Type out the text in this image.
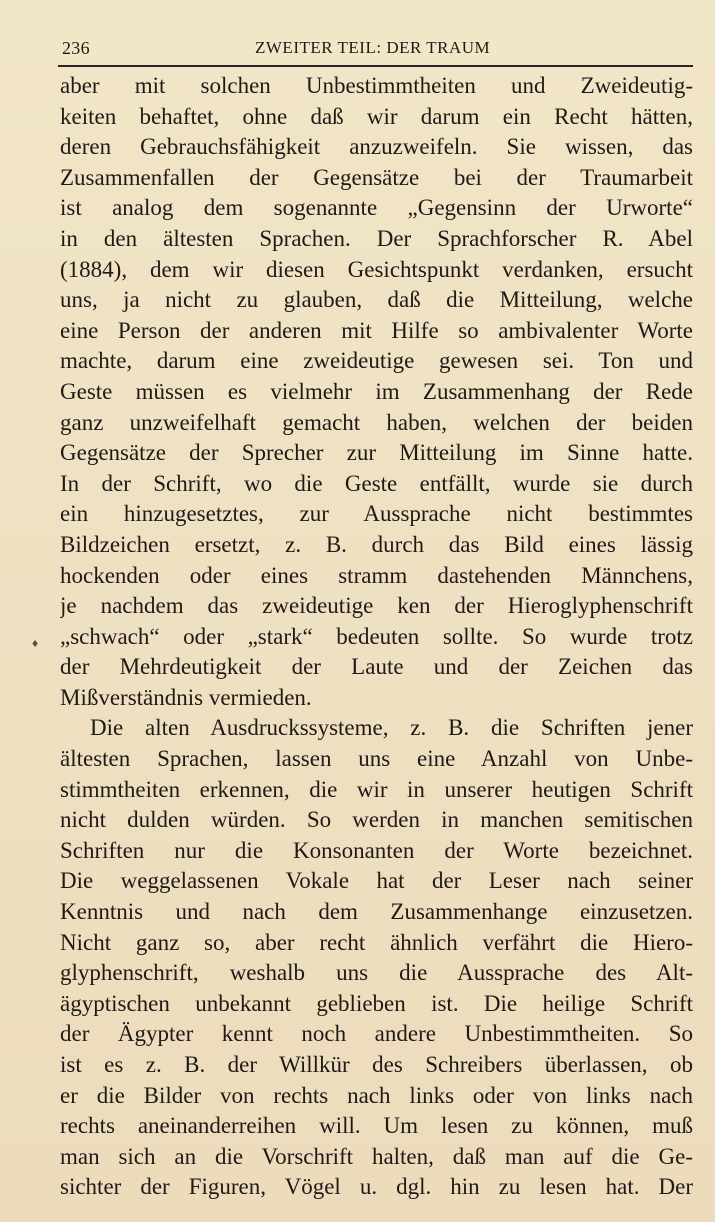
236	ZWEITER TEIL: DER TRAUM
♦
aber mit solchen Unbestimmtheiten und Zweideutig-
keiten behaftet, ohne daß wir darum ein Recht hätten,
deren Gebrauchsfähigkeit anzuzweifeln. Sie wissen, das
Zusammenfallen der Gegensätze bei der Traumarbeit
ist analog dem sogenannte „Gegensinn der Urworte“
in den ältesten Sprachen. Der Sprachforscher R. Abel
(1884), dem wir diesen Gesichtspunkt verdanken, ersucht
uns, ja nicht zu glauben, daß die Mitteilung, welche
eine Person der anderen mit Hilfe so ambivalenter Worte
machte, darum eine zweideutige gewesen sei. Ton und
Geste müssen es vielmehr im Zusammenhang der Rede
ganz unzweifelhaft gemacht haben, welchen der beiden
Gegensätze der Sprecher zur Mitteilung im Sinne hatte.
In der Schrift, wo die Geste entfällt, wurde sie durch
ein hinzugesetztes, zur Aussprache nicht bestimmtes
Bildzeichen ersetzt, z. B. durch das Bild eines lässig
hockenden oder eines stramm dastehenden Männchens,
je nachdem das zweideutige ken der Hieroglyphenschrift
„schwach“ oder „stark“ bedeuten sollte. So wurde trotz
der Mehrdeutigkeit der Laute und der Zeichen das
Mißverständnis vermieden.
Die alten Ausdruckssysteme, z. B. die Schriften jener
ältesten Sprachen, lassen uns eine Anzahl von Unbe-
stimmtheiten erkennen, die wir in unserer heutigen Schrift
nicht dulden würden. So werden in manchen semitischen
Schriften nur die Konsonanten der Worte bezeichnet.
Die weggelassenen Vokale hat der Leser nach seiner
Kenntnis und nach dem Zusammenhange einzusetzen.
Nicht ganz so, aber recht ähnlich verfährt die Hiero-
glyphenschrift, weshalb uns die Aussprache des Alt-
ägyptischen unbekannt geblieben ist. Die heilige Schrift
der Ägypter kennt noch andere Unbestimmtheiten. So
ist es z. B. der Willkür des Schreibers überlassen, ob
er die Bilder von rechts nach links oder von links nach
rechts aneinanderreihen will. Um lesen zu können, muß
man sich an die Vorschrift halten, daß man auf die Ge-
sichter der Figuren, Vögel u. dgl. hin zu lesen hat. Der
